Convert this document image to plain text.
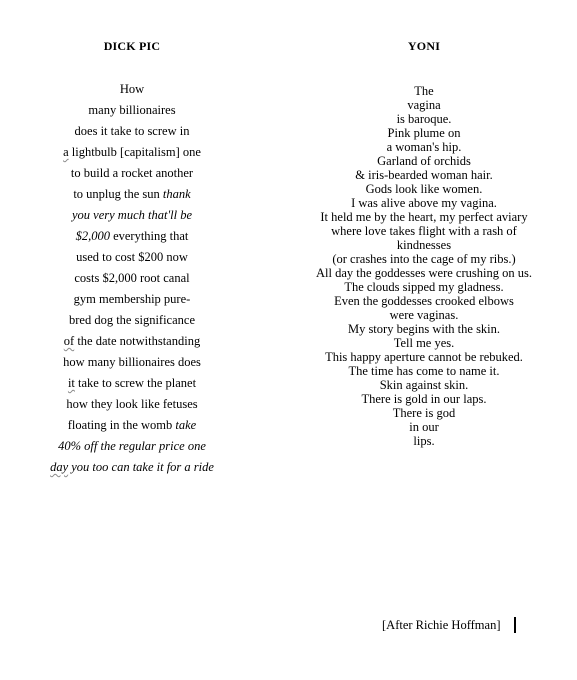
DICK PIC
How
many billionaires
does it take to screw in
a lightbulb [capitalism] one
to build a rocket another
to unplug the sun thank
you very much that'll be
$2,000 everything that
used to cost $200 now
costs $2,000 root canal
gym membership pure-
bred dog the significance
of the date notwithstanding
how many billionaires does
it take to screw the planet
how they look like fetuses
floating in the womb take
40% off the regular price one
day you too can take it for a ride
YONI
The
vagina
is baroque.
Pink plume on
a woman's hip.
Garland of orchids
& iris-bearded woman hair.
Gods look like women.
I was alive above my vagina.
It held me by the heart, my perfect aviary
where love takes flight with a rash of
kindnesses
(or crashes into the cage of my ribs.)
All day the goddesses were crushing on us.
The clouds sipped my gladness.
Even the goddesses crooked elbows
were vaginas.
My story begins with the skin.
Tell me yes.
This happy aperture cannot be rebuked.
The time has come to name it.
Skin against skin.
There is gold in our laps.
There is god
in our
lips.
[After Richie Hoffman]
